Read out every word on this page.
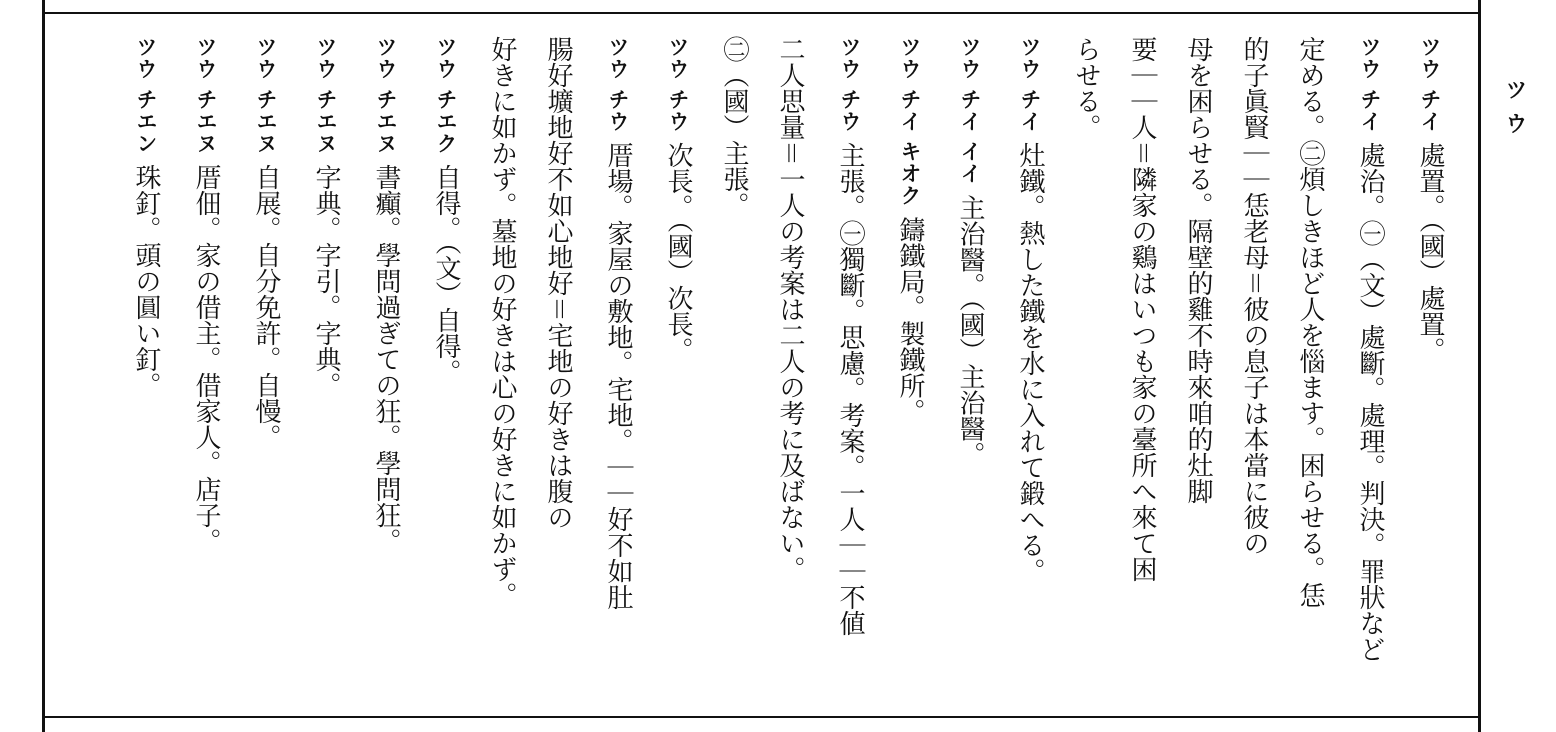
ツウ
ツウ チイ處置。（國）處置。
ツウ チイ處治。㊀（文）處斷。處理。判決。罪狀など
定める。㊁煩しきほど人を惱ます。困らせる。恁
的子眞賢｜｜恁老母＝彼の息子は本當に彼の
母を困らせる。隔壁的雞不時來咱的灶脚
要｜｜人＝隣家の鷄はいつも家の臺所へ來て困
らせる。
ツウ チイ灶鐵。熱した鐵を水に入れて鍛へる。
ツウ チイ イイ主治醫。（國）主治醫。
ツウ チイ キオク鑄鐵局。製鐵所。
ツウ チウ主張。㊀獨斷。思慮。考案。一人｜｜不値
二人思量＝一人の考案は二人の考に及ばない。
㊁（國）主張。
ツウ チウ次長。（國）次長。
ツウ チウ厝場。家屋の敷地。宅地。｜｜好不如肚
腸好壙地好不如心地好＝宅地の好きは腹の
好きに如かず。墓地の好きは心の好きに如かず。
ツウ チエク自得。（文）自得。
ツウ チエヌ書癲。學問過ぎての狂。學問狂。
ツウ チエヌ字典。字引。字典。
ツウ チエヌ自展。自分免許。自慢。
ツウ チエヌ厝佃。家の借主。借家人。店子。
ツウ チエン珠釘。頭の圓い釘。
